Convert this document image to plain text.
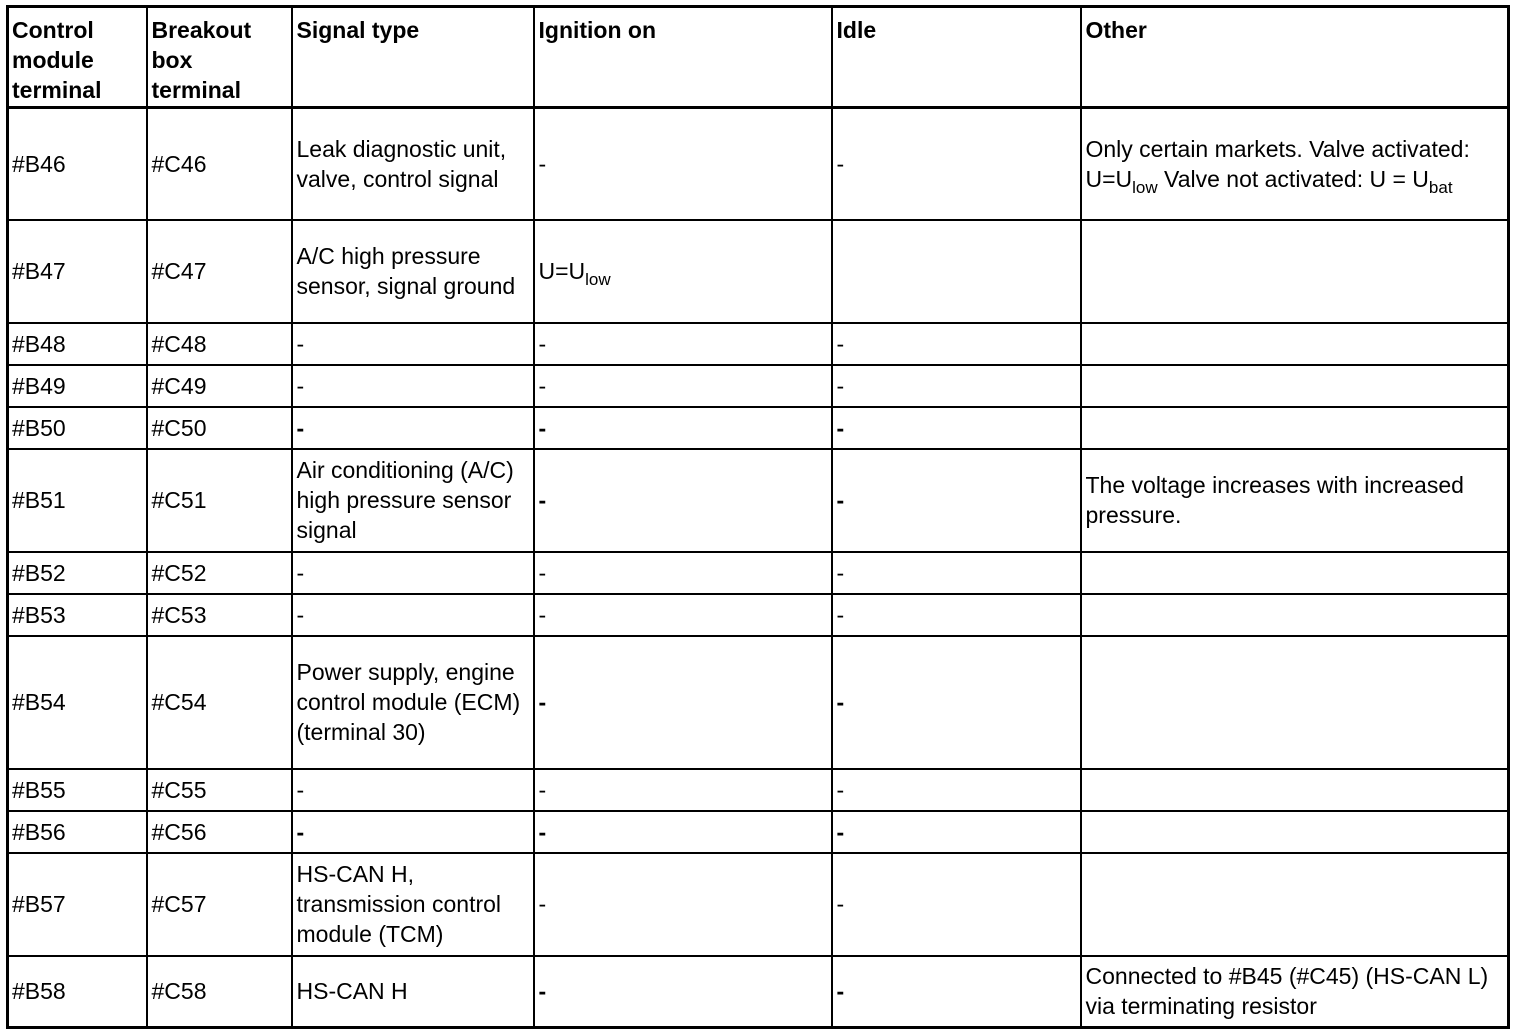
Control module terminal	Breakout box terminal	Signal type	Ignition on	Idle	Other
#B46	#C46	Leak diagnostic unit, valve, control signal	-	-	Only certain markets. Valve activated: $U=U_{low}$ Valve not activated: $U = U_{bat}$
#B47	#C47	A/C high pressure sensor, signal ground	$U=U_{low}$		
#B48	#C48	-	-	-	
#B49	#C49	-	-	-	
#B50	#C50	-	-	-	
#B51	#C51	Air conditioning (A/C) high pressure sensor signal	-	-	The voltage increases with increased pressure.
#B52	#C52	-	-	-	
#B53	#C53	-	-	-	
#B54	#C54	Power supply, engine control module (ECM) (terminal 30)	-	-	
#B55	#C55	-	-	-	
#B56	#C56	-	-	-	
#B57	#C57	HS-CAN H, transmission control module (TCM)	-	-	
#B58	#C58	HS-CAN H	-	-	Connected to #B45 (#C45) (HS-CAN L) via terminating resistor
